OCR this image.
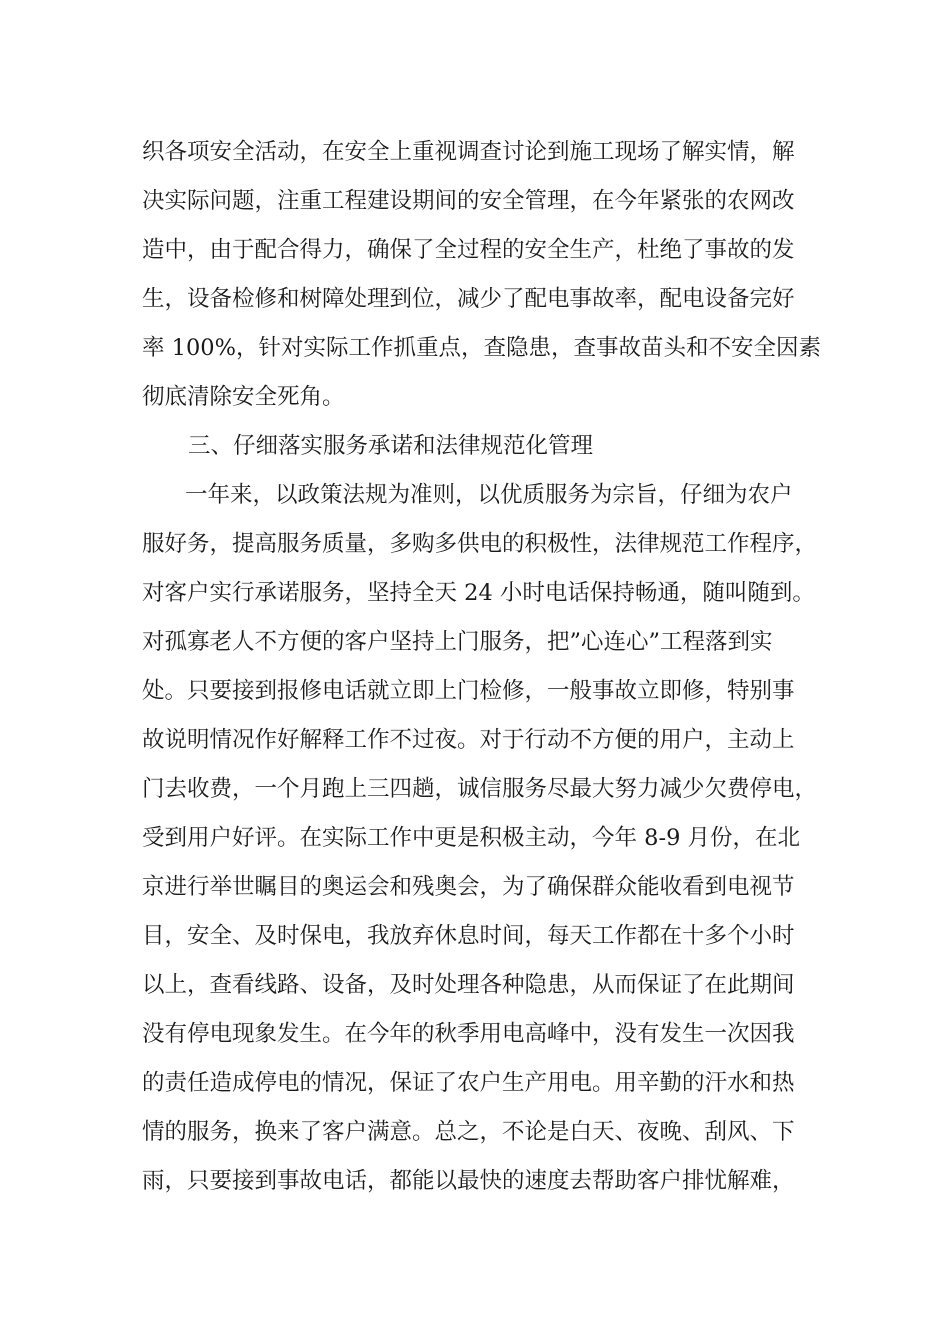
织各项安全活动，在安全上重视调查讨论到施工现场了解实情，解
决实际问题，注重工程建设期间的安全管理，在今年紧张的农网改
造中，由于配合得力，确保了全过程的安全生产，杜绝了事故的发
生，设备检修和树障处理到位，减少了配电事故率，配电设备完好
率 100%，针对实际工作抓重点，查隐患，查事故苗头和不安全因素
彻底清除安全死角。
三、仔细落实服务承诺和法律规范化管理
一年来，以政策法规为准则，以优质服务为宗旨，仔细为农户
服好务，提高服务质量，多购多供电的积极性，法律规范工作程序，
对客户实行承诺服务，坚持全天 24 小时电话保持畅通，随叫随到。
对孤寡老人不方便的客户坚持上门服务，把”心连心”工程落到实
处。只要接到报修电话就立即上门检修，一般事故立即修，特别事
故说明情况作好解释工作不过夜。对于行动不方便的用户，主动上
门去收费，一个月跑上三四趟，诚信服务尽最大努力减少欠费停电，
受到用户好评。在实际工作中更是积极主动，今年 8-9 月份，在北
京进行举世瞩目的奥运会和残奥会，为了确保群众能收看到电视节
目，安全、及时保电，我放弃休息时间，每天工作都在十多个小时
以上，查看线路、设备，及时处理各种隐患，从而保证了在此期间
没有停电现象发生。在今年的秋季用电高峰中，没有发生一次因我
的责任造成停电的情况，保证了农户生产用电。用辛勤的汗水和热
情的服务，换来了客户满意。总之，不论是白天、夜晚、刮风、下
雨，只要接到事故电话，都能以最快的速度去帮助客户排忧解难，
